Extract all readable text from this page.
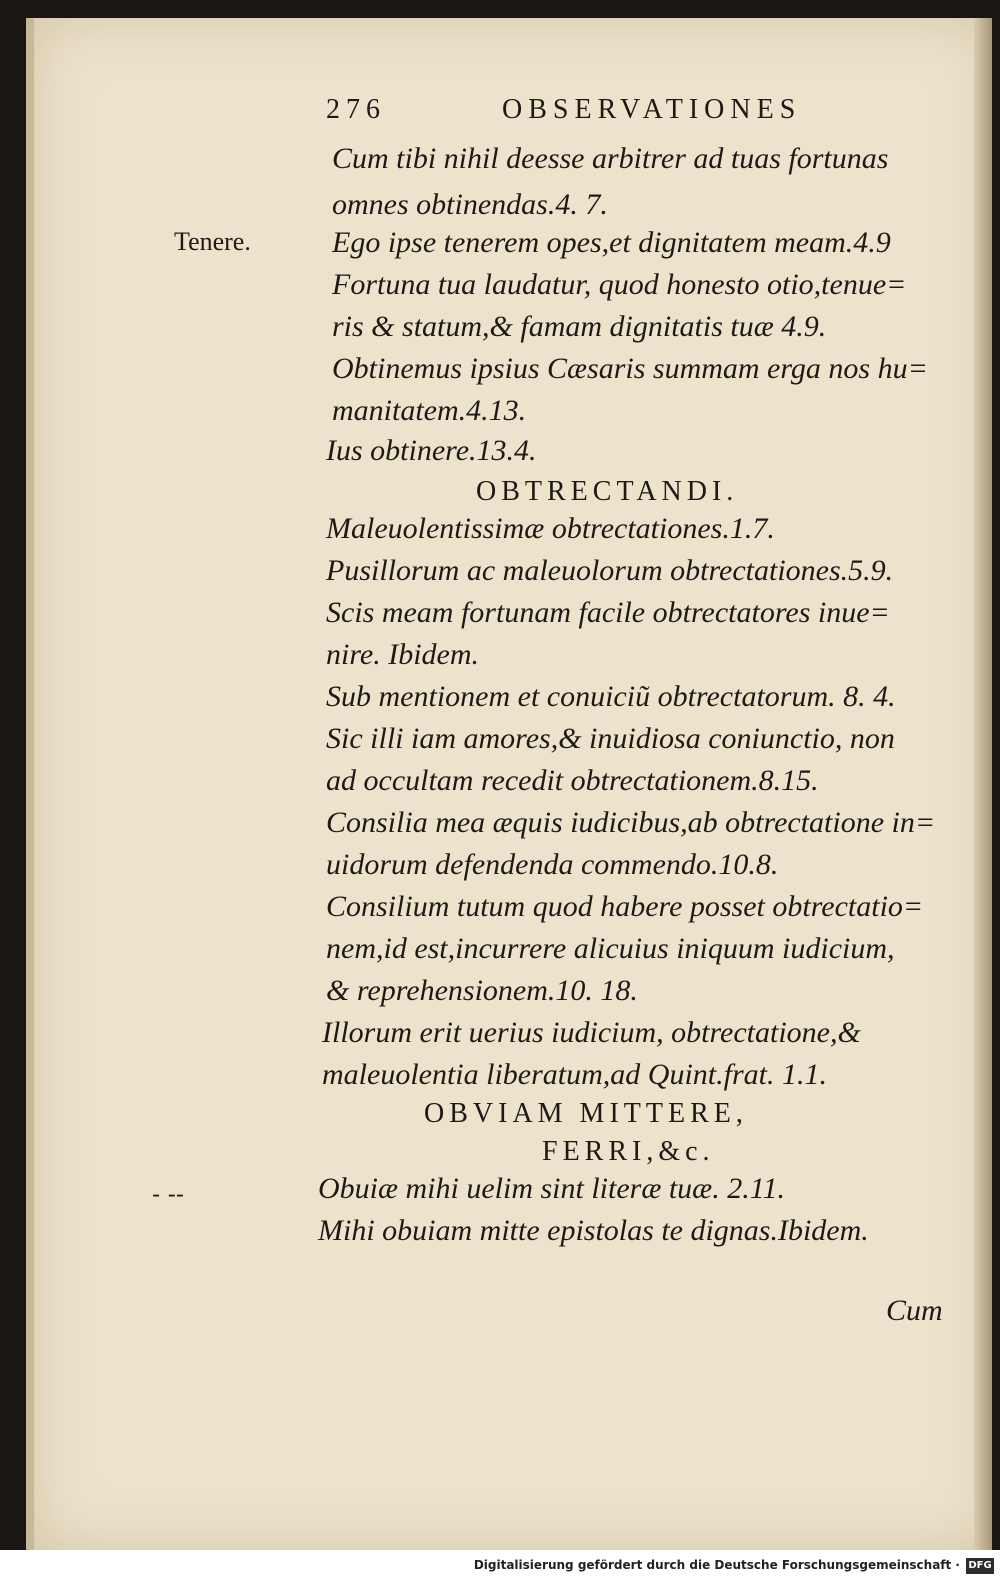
276	OBSERVATIONES
Tenere.
- --
Cum tibi nihil deesse arbitrer ad tuas fortunas
omnes obtinendas.4. 7.
Ego ipse tenerem opes,et dignitatem meam.4.9
Fortuna tua laudatur, quod honesto otio,tenue=
ris & statum,& famam dignitatis tuæ 4.9.
Obtinemus ipsius Cæsaris summam erga nos hu=
manitatem.4.13.
Ius obtinere.13.4.
OBTRECTANDI.
Maleuolentissimæ obtrectationes.1.7.
Pusillorum ac maleuolorum obtrectationes.5.9.
Scis meam fortunam facile obtrectatores inue=
nire. Ibidem.
Sub mentionem et conuiciũ obtrectatorum. 8. 4.
Sic illi iam amores,& inuidiosa coniunctio, non
ad occultam recedit obtrectationem.8.15.
Consilia mea æquis iudicibus,ab obtrectatione in=
uidorum defendenda commendo.10.8.
Consilium tutum quod habere posset obtrectatio=
nem,id est,incurrere alicuius iniquum iudicium,
& reprehensionem.10. 18.
Illorum erit uerius iudicium, obtrectatione,&
maleuolentia liberatum,ad Quint.frat. 1.1.
OBVIAM MITTERE,
FERRI,&c.
Obuiæ mihi uelim sint literæ tuæ. 2.11.
Mihi obuiam mitte epistolas te dignas.Ibidem.
Cum
Digitalisierung gefördert durch die Deutsche Forschungsgemeinschaft · DFG
